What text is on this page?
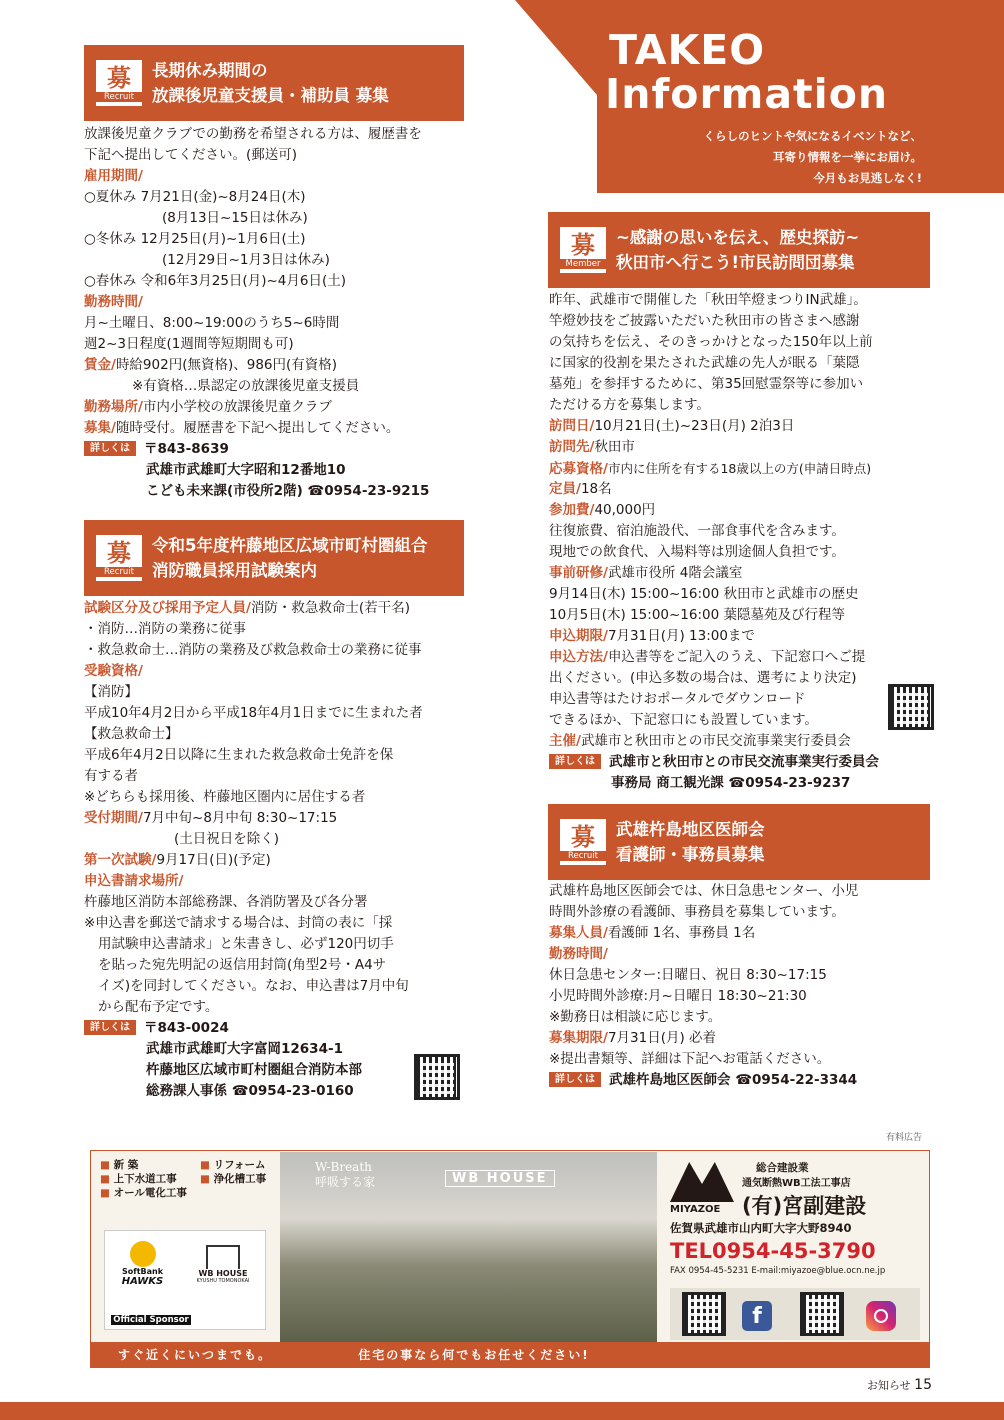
TAKEO
Information
くらしのヒントや気になるイベントなど、
耳寄り情報を一挙にお届け。
今月もお見逃しなく!
募
Recruit
長期休み期間の
放課後児童支援員・補助員 募集
放課後児童クラブでの勤務を希望される方は、履歴書を
下記へ提出してください。(郵送可)
雇用期間/
○夏休み 7月21日(金)~8月24日(木)
(8月13日~15日は休み)
○冬休み 12月25日(月)~1月6日(土)
(12月29日~1月3日は休み)
○春休み 令和6年3月25日(月)~4月6日(土)
勤務時間/
月~土曜日、8:00~19:00のうち5~6時間
週2~3日程度(1週間等短期間も可)
賃金/時給902円(無資格)、986円(有資格)
※有資格…県認定の放課後児童支援員
勤務場所/市内小学校の放課後児童クラブ
募集/随時受付。履歴書を下記へ提出してください。
詳しくは 〒843-8639
武雄市武雄町大字昭和12番地10
こども未来課(市役所2階) ☎0954-23-9215
募
Recruit
令和5年度杵藤地区広域市町村圏組合
消防職員採用試験案内
試験区分及び採用予定人員/消防・救急救命士(若干名)
・消防…消防の業務に従事
・救急救命士…消防の業務及び救急救命士の業務に従事
受験資格/
【消防】
平成10年4月2日から平成18年4月1日までに生まれた者
【救急救命士】
平成6年4月2日以降に生まれた救急救命士免許を保
有する者
※どちらも採用後、杵藤地区圏内に居住する者
受付期間/7月中旬~8月中旬 8:30~17:15
(土日祝日を除く)
第一次試験/9月17日(日)(予定)
申込書請求場所/
杵藤地区消防本部総務課、各消防署及び各分署
※申込書を郵送で請求する場合は、封筒の表に「採
用試験申込書請求」と朱書きし、必ず120円切手
を貼った宛先明記の返信用封筒(角型2号・A4サ
イズ)を同封してください。なお、申込書は7月中旬
から配布予定です。
詳しくは 〒843-0024
武雄市武雄町大字富岡12634-1
杵藤地区広域市町村圏組合消防本部
総務課人事係 ☎0954-23-0160
募
Member
~感謝の思いを伝え、歴史探訪~
秋田市へ行こう!市民訪問団募集
昨年、武雄市で開催した「秋田竿燈まつりIN武雄」。
竿燈妙技をご披露いただいた秋田市の皆さまへ感謝
の気持ちを伝え、そのきっかけとなった150年以上前
に国家的役割を果たされた武雄の先人が眠る「葉隠
墓苑」を参拝するために、第35回慰霊祭等に参加い
ただける方を募集します。
訪問日/10月21日(土)~23日(月) 2泊3日
訪問先/秋田市
応募資格/市内に住所を有する18歳以上の方(申請日時点)
定員/18名
参加費/40,000円
往復旅費、宿泊施設代、一部食事代を含みます。
現地での飲食代、入場料等は別途個人負担です。
事前研修/武雄市役所 4階会議室
9月14日(木) 15:00~16:00 秋田市と武雄市の歴史
10月5日(木) 15:00~16:00 葉隠墓苑及び行程等
申込期限/7月31日(月) 13:00まで
申込方法/申込書等をご記入のうえ、下記窓口へご提
出ください。(申込多数の場合は、選考により決定)
申込書等はたけおポータルでダウンロード
できるほか、下記窓口にも設置しています。
主催/武雄市と秋田市との市民交流事業実行委員会
詳しくは 武雄市と秋田市との市民交流事業実行委員会
事務局 商工観光課 ☎0954-23-9237
募
Recruit
武雄杵島地区医師会
看護師・事務員募集
武雄杵島地区医師会では、休日急患センター、小児
時間外診療の看護師、事務員を募集しています。
募集人員/看護師 1名、事務員 1名
勤務時間/
休日急患センター:日曜日、祝日 8:30~17:15
小児時間外診療:月~日曜日 18:30~21:30
※勤務日は相談に応じます。
募集期限/7月31日(月) 必着
※提出書類等、詳細は下記へお電話ください。
詳しくは 武雄杵島地区医師会 ☎0954-22-3344
有料広告
■ 新 築
■ 上下水道工事
■ オール電化工事
■ リフォーム
■ 浄化槽工事
SoftBank
HAWKS
WB HOUSE
KYUSHU TOMONOKAI
Official Sponsor
W-Breath
呼吸する家	WB HOUSE
総合建設業
通気断熱WB工法工事店
MIYAZOE (有)宮副建設
佐賀県武雄市山内町大字大野8940
TEL0954-45-3790
FAX 0954-45-5231 E-mail:miyazoe@blue.ocn.ne.jp
f
すぐ近くにいつまでも。	住宅の事なら何でもお任せください!
お知らせ 15
